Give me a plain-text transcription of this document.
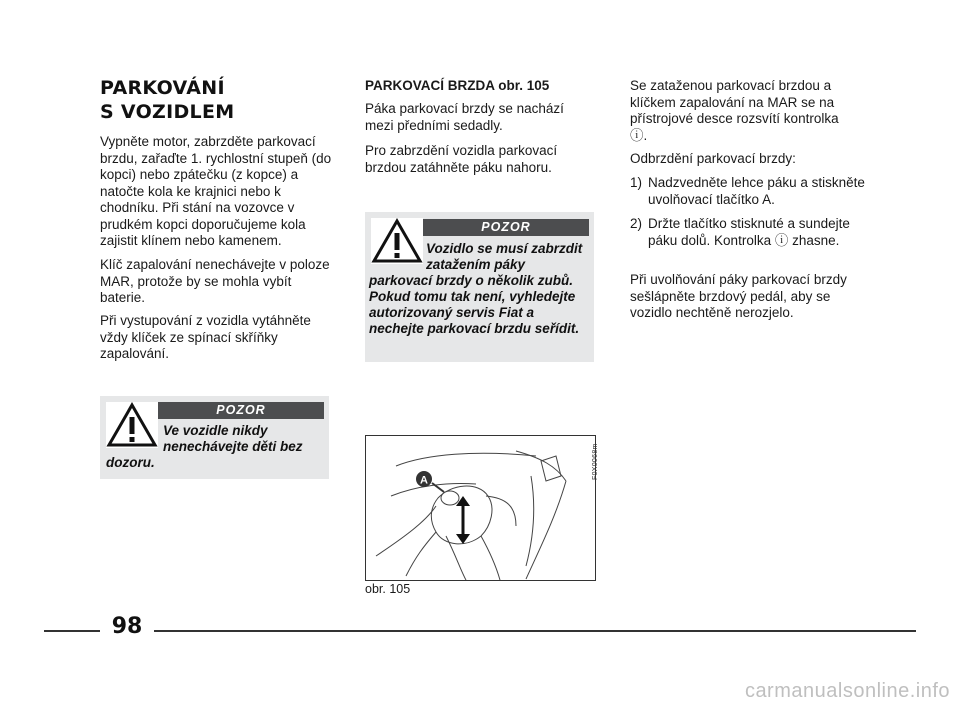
PARKOVÁNÍ
S VOZIDLEM

Vypněte motor, zabrzděte parkovací brzdu, zařaďte 1. rychlostní stupeň (do kopci) nebo zpátečku (z kopce) a natočte kola ke krajnici nebo k chodníku. Při stání na vozovce v prudkém kopci doporučujeme kola zajistit klínem nebo kamenem.

Klíč zapalování nenechávejte v poloze MAR, protože by se mohla vybít baterie.

Při vystupování z vozidla vytáhněte vždy klíček ze spínací skříňky zapalování.

POZOR
Ve vozidle nikdy
nenechávejte děti bez
dozoru.

PARKOVACÍ BRZDA obr. 105

Páka parkovací brzdy se nachází mezi předními sedadly.

Pro zabrzdění vozidla parkovací brzdou zatáhněte páku nahoru.

POZOR
Vozidlo se musí zabrzdit
zatažením páky
parkovací brzdy o několik zubů. Pokud tomu tak není, vyhledejte autorizovaný servis Fiat a nechejte parkovací brzdu seřídit.
A
F0X0068m
obr. 105

Se zataženou parkovací brzdou a klíčkem zapalování na MAR se na přístrojové desce rozsvítí kontrolka ⓘ.

Odbrzdění parkovací brzdy:

1) Nadzvedněte lehce páku a stiskněte uvolňovací tlačítko A.
2) Držte tlačítko stisknuté a sundejte páku dolů. Kontrolka ⓘ zhasne.

Při uvolňování páky parkovací brzdy sešlápněte brzdový pedál, aby se vozidlo nechtěně nerozjelo.

98
carmanualsonline.info
